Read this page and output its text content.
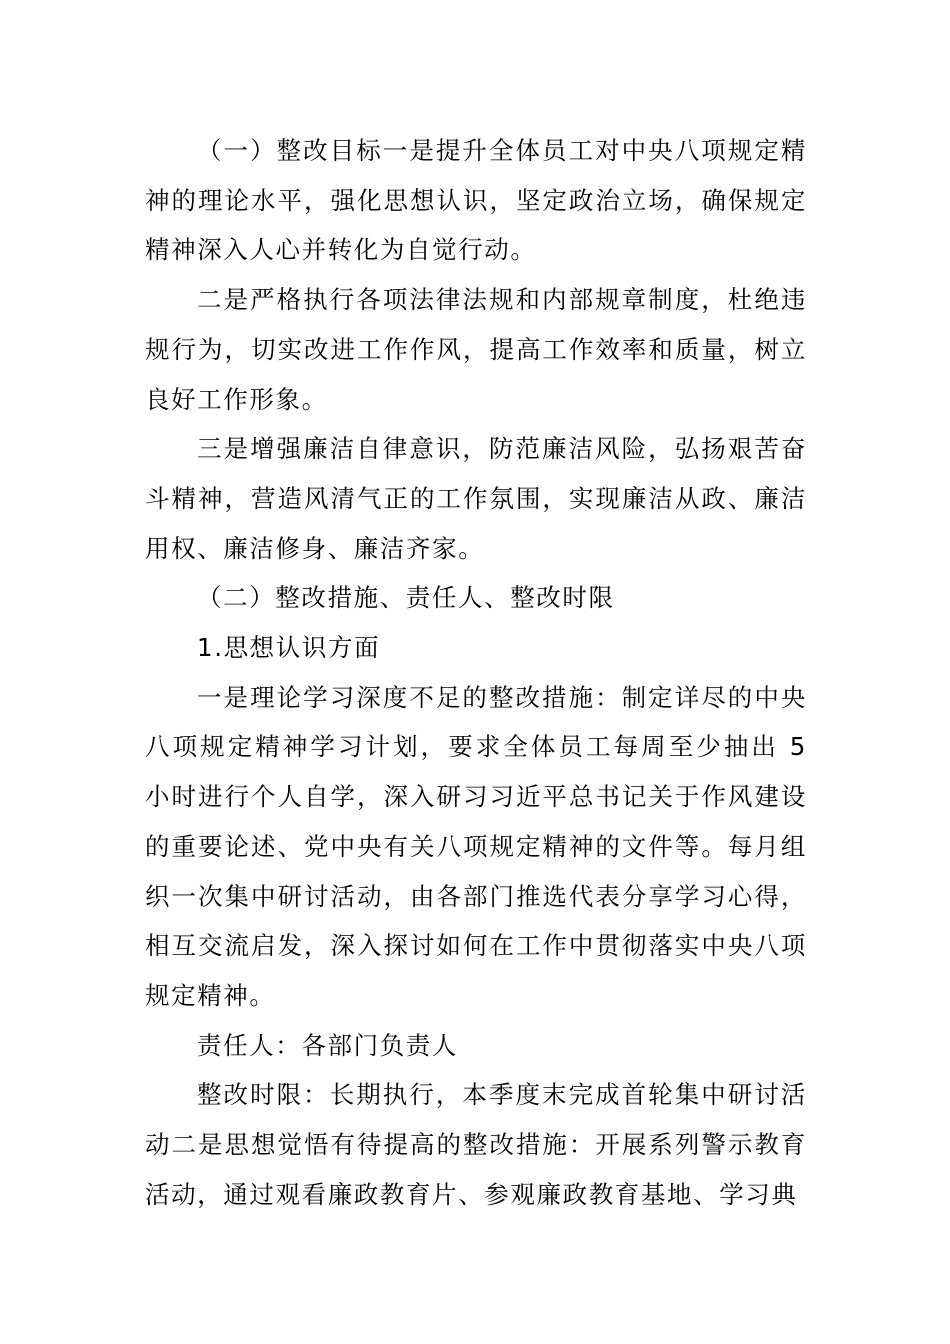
（一）整改目标一是提升全体员工对中央八项规定精神的理论水平，强化思想认识，坚定政治立场，确保规定精神深入人心并转化为自觉行动。

二是严格执行各项法律法规和内部规章制度，杜绝违规行为，切实改进工作作风，提高工作效率和质量，树立良好工作形象。

三是增强廉洁自律意识，防范廉洁风险，弘扬艰苦奋斗精神，营造风清气正的工作氛围，实现廉洁从政、廉洁用权、廉洁修身、廉洁齐家。

（二）整改措施、责任人、整改时限

1.思想认识方面

一是理论学习深度不足的整改措施：制定详尽的中央八项规定精神学习计划，要求全体员工每周至少抽出 5 小时进行个人自学，深入研习习近平总书记关于作风建设的重要论述、党中央有关八项规定精神的文件等。每月组织一次集中研讨活动，由各部门推选代表分享学习心得，相互交流启发，深入探讨如何在工作中贯彻落实中央八项规定精神。

责任人：各部门负责人

整改时限：长期执行，本季度末完成首轮集中研讨活动二是思想觉悟有待提高的整改措施：开展系列警示教育活动，通过观看廉政教育片、参观廉政教育基地、学习典
